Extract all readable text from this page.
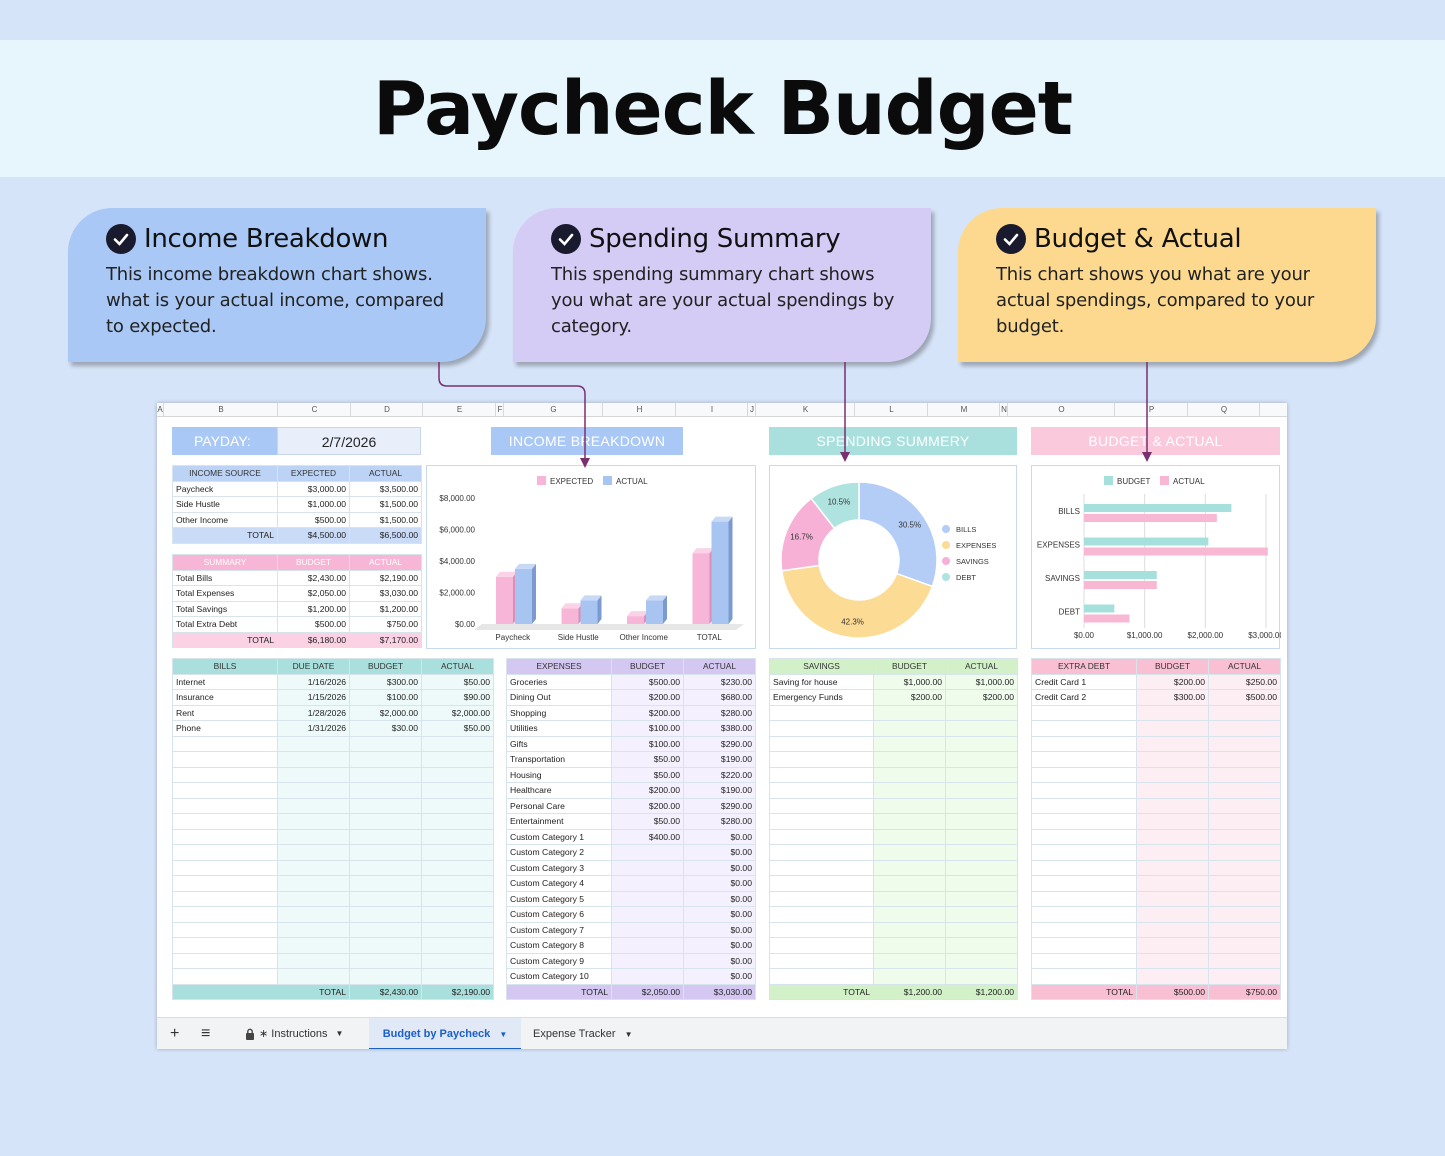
Paycheck Budget
Income Breakdown

This income breakdown chart shows. what is your actual income, compared to expected.

Spending Summary

This spending summary chart shows you what are your actual spendings by category.

Budget & Actual

This chart shows you what are your actual spendings, compared to your budget.

A	B	C	D	E	F	G	H	I	J	K	L	M	N	O	P	Q
PAYDAY:	2/7/2026	INCOME BREAKDOWN	SPENDING SUMMERY	BUDGET & ACTUAL
INCOME SOURCE	EXPECTED	ACTUAL
Paycheck	$3,000.00	$3,500.00
Side Hustle	$1,000.00	$1,500.00
Other Income	$500.00	$1,500.00
TOTAL	$4,500.00	$6,500.00
SUMMARY	BUDGET	ACTUAL
Total Bills	$2,430.00	$2,190.00
Total Expenses	$2,050.00	$3,030.00
Total Savings	$1,200.00	$1,200.00
Total Extra Debt	$500.00	$750.00
TOTAL	$6,180.00	$7,170.00
EXPECTED	ACTUAL
$0.00
$2,000.00
$4,000.00
$6,000.00
$8,000.00
Paycheck	Side Hustle	Other Income	TOTAL
30.5%
42.3%
16.7%
10.5%
BILLS
EXPENSES
SAVINGS
DEBT
BUDGET	ACTUAL
$0.00	$1,000.00	$2,000.00	$3,000.00
BILLS
EXPENSES
SAVINGS
DEBT
BILLS	DUE DATE	BUDGET	ACTUAL
Internet	1/16/2026	$300.00	$50.00
Insurance	1/15/2026	$100.00	$90.00
Rent	1/28/2026	$2,000.00	$2,000.00
Phone	1/31/2026	$30.00	$50.00

TOTAL		$2,430.00	$2,190.00
EXPENSES	BUDGET	ACTUAL
Groceries	$500.00	$230.00
Dining Out	$200.00	$680.00
Shopping	$200.00	$280.00
Utilities	$100.00	$380.00
Gifts	$100.00	$290.00
Transportation	$50.00	$190.00
Housing	$50.00	$220.00
Healthcare	$200.00	$190.00
Personal Care	$200.00	$290.00
Entertainment	$50.00	$280.00
Custom Category 1	$400.00	$0.00
Custom Category 2		$0.00
Custom Category 3		$0.00
Custom Category 4		$0.00
Custom Category 5		$0.00
Custom Category 6		$0.00
Custom Category 7		$0.00
Custom Category 8		$0.00
Custom Category 9		$0.00
Custom Category 10		$0.00
TOTAL	$2,050.00	$3,030.00
SAVINGS	BUDGET	ACTUAL
Saving for house	$1,000.00	$1,000.00
Emergency Funds	$200.00	$200.00

TOTAL	$1,200.00	$1,200.00
EXTRA DEBT	BUDGET	ACTUAL
Credit Card 1	$200.00	$250.00
Credit Card 2	$300.00	$500.00

TOTAL	$500.00	$750.00
+ ≡	∗ Instructions ▼	Budget by Paycheck ▼	Expense Tracker ▼
